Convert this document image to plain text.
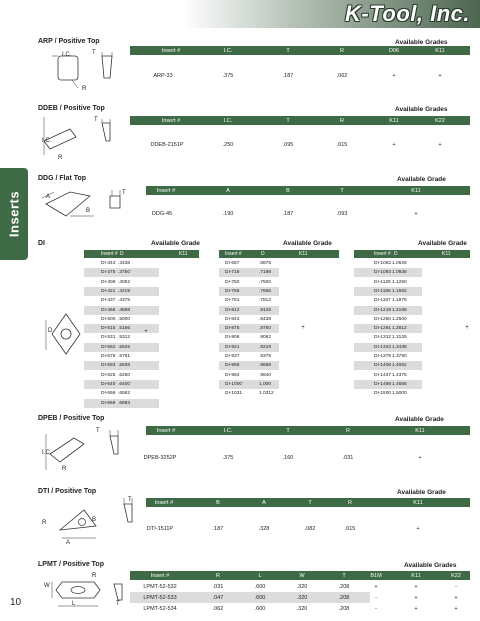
K-Tool, Inc.
Inserts
10
ARP / Positive Top	Available Grades
I.C.	T
R
Insert #	I.C.	T	R	D06	K11
ARP-33	.375	.187	.062	+	+
DDEB / Positive Top	Available Grades
I.C.
T
R
Insert #	I.C.	T	R	K11	K22
DDEB-2151P	.250	.095	.015	+	+
DDG / Flat Top	Available Grade
A
B
T	Insert #	A	B	T	K11
DDG-45	.190	.187	.093	+
DI
D
Available Grade	Available Grade	Available Grade
Insert # D	K11
DI-343 .3438
DI-375 .3750
DI-406 .4062
DI-421 .4219
DI-437 .4375
DI-468 .4688
DI-500 .5000
DI-515 .5156
DI-531 .5312
DI-562 .5625
DI-578 .5781
DI-593 .5938
DI-625 .6250
DI-640 .6400
DI-656 .6562
DI-669 .6693
+
Insert #	D	K11
DI-687	.6875
DI-718	.7188
DI-750	.7500
DI-765	.7656
DI-781	.7812
DI-812	.8125
DI-843	.8438
DI-875	.8750
DI-906	.9062
DI-921	.9219
DI-937	.9375
DI-968	.9688
DI-984	.9840
DI-1000	1.000
DI-1031	1.0312
+
Insert # D	K11
DI-1062 1.0625
DI-1093 1.0938
DI-1125 1.1250
DI-1156 1.1562
DI-1187 1.1875
DI-1218 1.2188
DI-1250 1.2500
DI-1281 1.2812
DI-1312 1.3125
DI-1343 1.3438
DI-1375 1.3750
DI-1406 1.4062
DI-1437 1.4375
DI-1468 1.4688
DI-1500 1.5000
+
DPEB / Positive Top	Available Grade
I.C.
T
R
Insert #	I.C.	T	R	K11
DPEB-3252P	.375	.160	.031	+
DTI / Positive Top	Available Grade
T
R	B
A
Insert #	B	A	T	R	K11
DTI-1511P	.187	.328	.082	.015	+
LPMT / Positive Top	Available Grades
R
W
L	T
Insert #	R	L	W	T	B1M	K11	K22
LPMT-52-532	.031	.600	.320	.208	+	+	-
LPMT-52-533	.047	.600	.320	.208	-	+	+
LPMT-52-534	.062	.600	.320	.208	-	+	+
